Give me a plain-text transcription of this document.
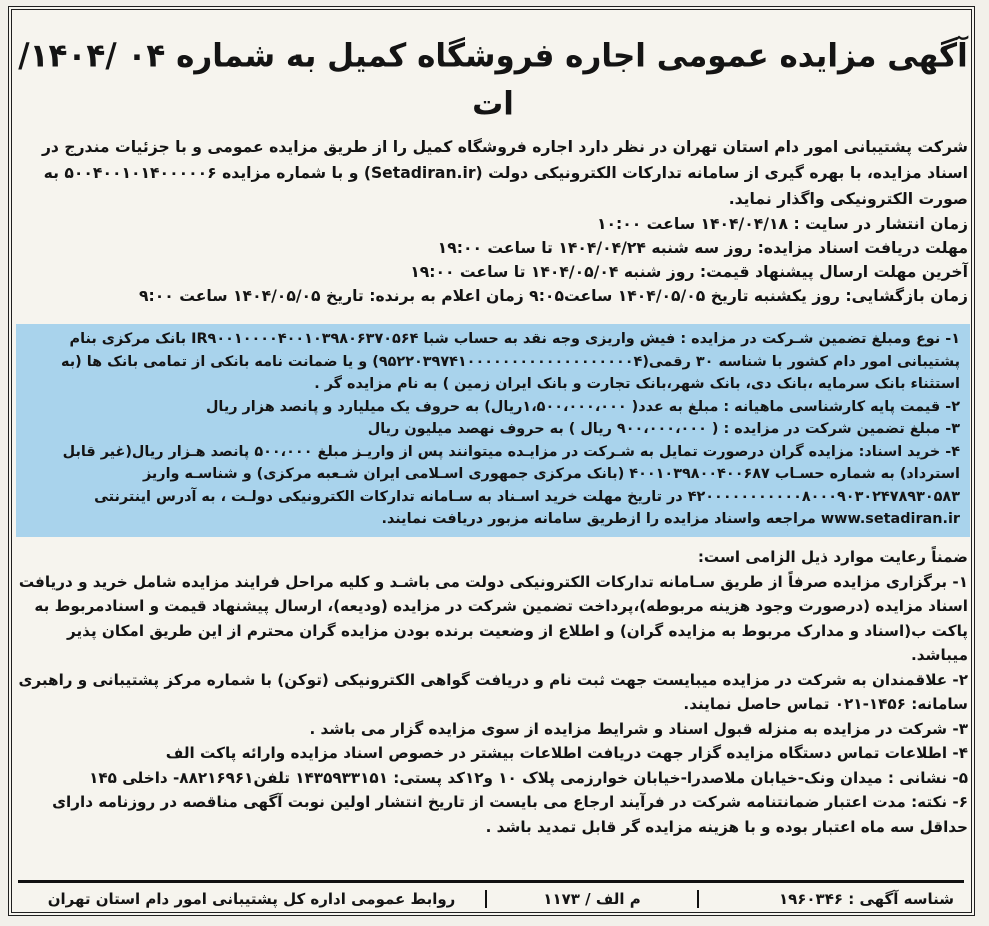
آگهی مزایده عمومی اجاره فروشگاه کمیل به شماره ۰۴ /۱۴۰۴/ات

شرکت پشتیبانی امور دام استان تهران در نظر دارد اجاره فروشگاه کمیل را از طریق مزایده عمومی و با جزئیات مندرج در اسناد مزایده، با بهره گیری از سامانه تدارکات الکترونیکی دولت (Setadiran.ir) و با شماره مزایده ۵۰۰۴۰۰۱۰۱۴۰۰۰۰۰۶ به صورت الکترونیکی واگذار نماید.

زمان انتشار در سایت : ۱۴۰۴/۰۴/۱۸ ساعت ۱۰:۰۰

مهلت دریافت اسناد مزایده: روز سه شنبه ۱۴۰۴/۰۴/۲۴ تا ساعت ۱۹:۰۰

آخرین مهلت ارسال پیشنهاد قیمت: روز شنبه ۱۴۰۴/۰۵/۰۴ تا ساعت ۱۹:۰۰

زمان بازگشایی: روز یکشنبه تاریخ ۱۴۰۴/۰۵/۰۵ ساعت۹:۰۵ زمان اعلام به برنده: تاریخ ۱۴۰۴/۰۵/۰۵ ساعت ۹:۰۰

۱- نوع ومبلغ تضمین شـرکت در مزایده : فیش واریزی وجه نقد به حساب شبا IR۹۰۰۱۰۰۰۰۴۰۰۱۰۳۹۸۰۶۳۷۰۵۶۴ بانک مرکزی بنام پشتیبانی امور دام کشور با شناسه ۳۰ رقمی(۹۵۲۲۰۳۹۷۴۱۰۰۰۰۰۰۰۰۰۰۰۰۰۰۰۰۰۰۰۴) و یا ضمانت نامه بانکی از تمامی بانک ها (به استثناء بانک سرمایه ،بانک دی، بانک شهر،بانک تجارت و بانک ایران زمین ) به نام مزایده گر .

۲- قیمت پایه کارشناسی ماهیانه : مبلغ به عدد( ۱،۵۰۰،۰۰۰،۰۰۰ریال) به حروف یک میلیارد و پانصد هزار ریال

۳- مبلغ تضمین شرکت در مزایده : ( ۹۰۰،۰۰۰،۰۰۰ ریال ) به حروف نهصد میلیون ریال

۴- خرید اسناد: مزایده گران درصورت تمایل به شـرکت در مزایـده میتوانند پس از واریـز مبلغ ۵۰۰،۰۰۰ پانصد هـزار ریال(غیر قابل استرداد) به شماره حسـاب ۴۰۰۱۰۳۹۸۰۰۴۰۰۶۸۷ (بانک مرکزی جمهوری اسـلامی ایران شـعبه مرکزی) و شناسـه واریز ۴۲۰۰۰۰۰۰۰۰۰۰۰۸۰۰۰۹۰۳۰۲۴۷۸۹۳۰۵۸۳ در تاریخ مهلت خرید اسـناد به سـامانه تدارکات الکترونیکی دولـت ، به آدرس اینترنتی www.setadiran.ir مراجعه واسناد مزایده را ازطریق سامانه مزبور دریافت نمایند.

ضمناً رعایت موارد ذیل الزامی است:

۱- برگزاری مزایده صرفاً از طریق سـامانه تدارکات الکترونیکی دولت می باشـد و کلیه مراحل فرایند مزایده شامل خرید و دریافت اسناد مزایده (درصورت وجود هزینه مربوطه)،پرداخت تضمین شرکت در مزایده (ودیعه)، ارسال پیشنهاد قیمت و اسنادمربوط به پاکت ب(اسناد و مدارک مربوط به مزایده گران) و اطلاع از وضعیت برنده بودن مزایده گران محترم از این طریق امکان پذیر میباشد.

۲- علاقمندان به شرکت در مزایده میبایست جهت ثبت نام و دریافت گواهی الکترونیکی (توکن) با شماره مرکز پشتیبانی و راهبری سامانه: ۱۴۵۶-۰۲۱ تماس حاصل نمایند.

۳- شرکت در مزایده به منزله قبول اسناد و شرایط مزایده از سوی مزایده گزار می باشد .

۴- اطلاعات تماس دستگاه مزایده گزار جهت دریافت اطلاعات بیشتر در خصوص اسناد مزایده وارائه پاکت الف

۵- نشانی : میدان ونک-خیابان ملاصدرا-خیابان خوارزمی پلاک ۱۰ و۱۲کد پستی: ۱۴۳۵۹۳۳۱۵۱ تلفن۸۸۲۱۶۹۶۱- داخلی ۱۴۵

۶- نکته: مدت اعتبار ضمانتنامه شرکت در فرآیند ارجاع می بایست از تاریخ انتشار اولین نوبت آگهی مناقصه در روزنامه دارای حداقل سه ماه اعتبار بوده و با هزینه مزایده گر قابل تمدید باشد .

شناسه آگهی : ۱۹۶۰۳۴۶
م الف / ۱۱۷۳
روابط عمومی اداره کل پشتیبانی امور دام استان تهران
